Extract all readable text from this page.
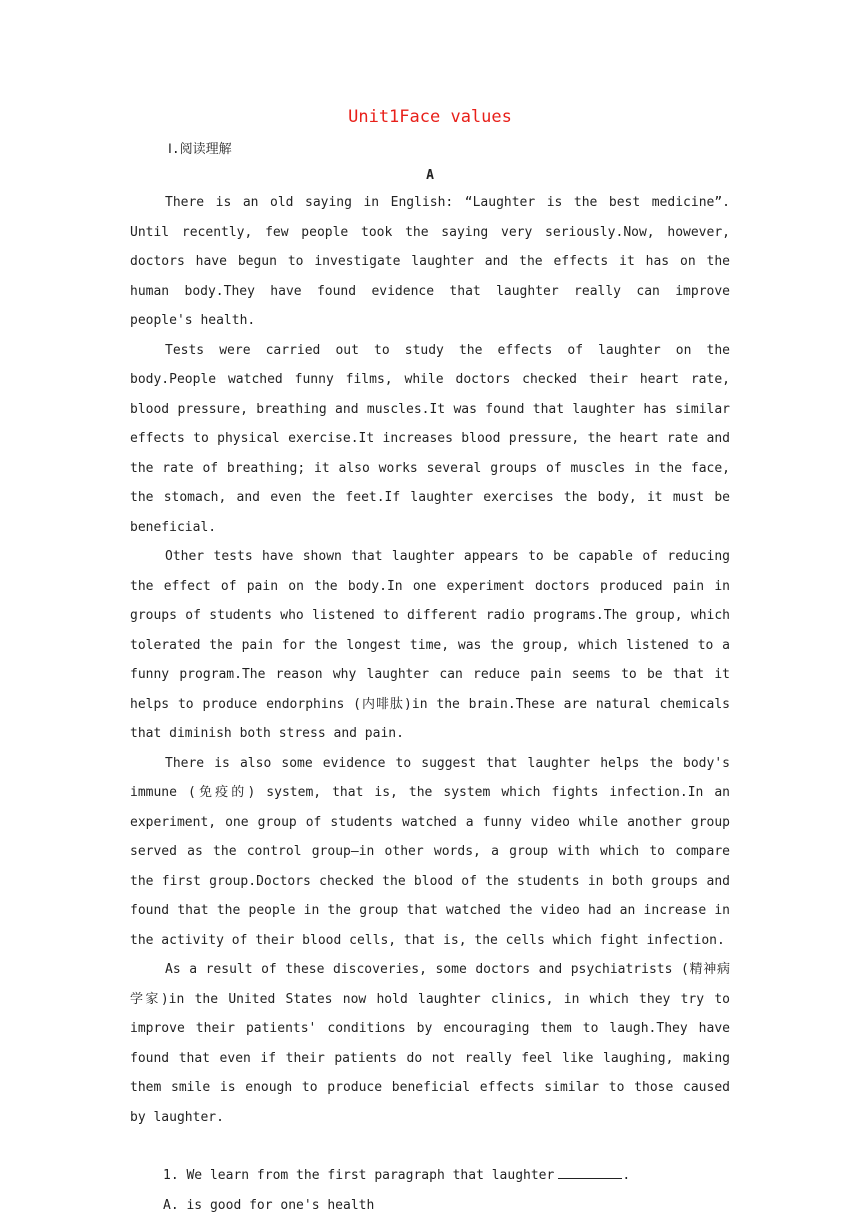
Unit1Face values
Ⅰ.阅读理解
A

There is an old saying in English: “Laughter is the best medicine”. Until recently, few people took the saying very seriously.Now, however, doctors have begun to investigate laughter and the effects it has on the human body.They have found evidence that laughter really can improve people's health.

Tests were carried out to study the effects of laughter on the body.People watched funny films, while doctors checked their heart rate, blood pressure, breathing and muscles.It was found that laughter has similar effects to physical exercise.It increases blood pressure, the heart rate and the rate of breathing; it also works several groups of muscles in the face, the stomach, and even the feet.If laughter exercises the body, it must be beneficial.

Other tests have shown that laughter appears to be capable of reducing the effect of pain on the body.In one experiment doctors produced pain in groups of students who listened to different radio programs.The group, which tolerated the pain for the longest time, was the group, which listened to a funny program.The reason why laughter can reduce pain seems to be that it helps to produce endorphins (内啡肽)in the brain.These are natural chemicals that diminish both stress and pain.

There is also some evidence to suggest that laughter helps the body's immune (免疫的) system, that is, the system which fights infection.In an experiment, one group of students watched a funny video while another group served as the control group—in other words, a group with which to compare the first group.Doctors checked the blood of the students in both groups and found that the people in the group that watched the video had an increase in the activity of their blood cells, that is, the cells which fight infection.

As a result of these discoveries, some doctors and psychiatrists (精神病学家)in the United States now hold laughter clinics, in which they try to improve their patients' conditions by encouraging them to laugh.They have found that even if their patients do not really feel like laughing, making them smile is enough to produce beneficial effects similar to those caused by laughter.

1. We learn from the first paragraph that laughter	.

A. is good for one's health
